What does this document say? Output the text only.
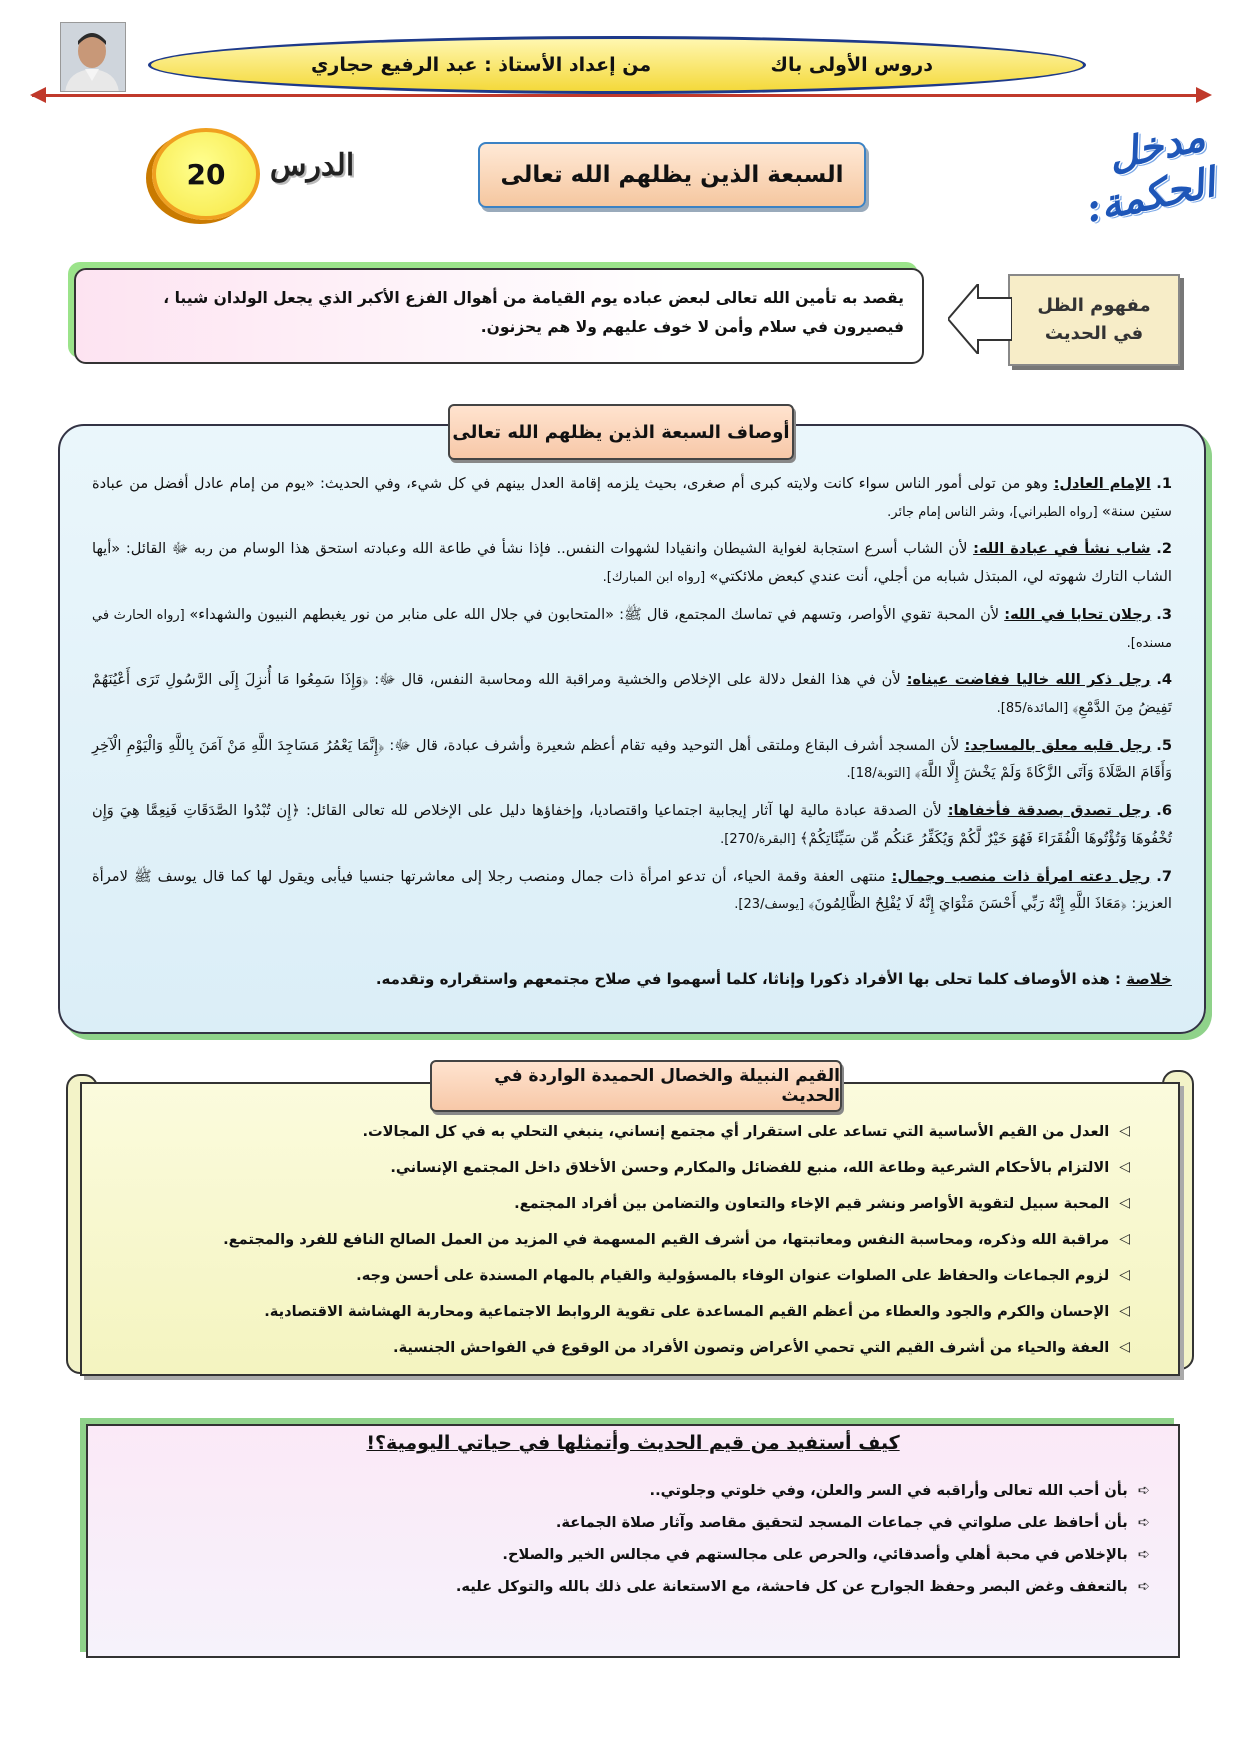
دروس الأولى باك
من إعداد الأستاذ : عبد الرفيع حجاري
مدخل الحكمة:
السبعة الذين يظلهم الله تعالى
الدرس
20
مفهوم الظل
في الحديث
يقصد به تأمين الله تعالى لبعض عباده يوم القيامة من أهوال الفزع الأكبر الذي يجعل الولدان شيبا ، فيصيرون في سلام وأمن لا خوف عليهم ولا هم يحزنون.
أوصاف السبعة الذين يظلهم الله تعالى
1. الإمام العادل: وهو من تولى أمور الناس سواء كانت ولايته كبرى أم صغرى، بحيث يلزمه إقامة العدل بينهم في كل شيء، وفي الحديث: «يوم من إمام عادل أفضل من عبادة ستين سنة» [رواه الطبراني]، وشر الناس إمام جائر.
2. شاب نشأ في عبادة الله: لأن الشاب أسرع استجابة لغواية الشيطان وانقيادا لشهوات النفس.. فإذا نشأ في طاعة الله وعبادته استحق هذا الوسام من ربه ﷻ القائل: «أيها الشاب التارك شهوته لي، المبتذل شبابه من أجلي، أنت عندي كبعض ملائكتي» [رواه ابن المبارك].
3. رجلان تحابا في الله: لأن المحبة تقوي الأواصر، وتسهم في تماسك المجتمع، قال ﷺ: «المتحابون في جلال الله على منابر من نور يغبطهم النبيون والشهداء» [رواه الحارث في مسنده].
4. رجل ذكر الله خاليا ففاضت عيناه: لأن في هذا الفعل دلالة على الإخلاص والخشية ومراقبة الله ومحاسبة النفس، قال ﷻ: ﴿وَإِذَا سَمِعُوا مَا أُنزِلَ إِلَى الرَّسُولِ تَرَى أَعْيُنَهُمْ تَفِيضُ مِنَ الدَّمْعِ﴾ [المائدة/85].
5. رجل قلبه معلق بالمساجد: لأن المسجد أشرف البقاع وملتقى أهل التوحيد وفيه تقام أعظم شعيرة وأشرف عبادة، قال ﷻ: ﴿إِنَّمَا يَعْمُرُ مَسَاجِدَ اللَّهِ مَنْ آمَنَ بِاللَّهِ وَالْيَوْمِ الْآخِرِ وَأَقَامَ الصَّلَاةَ وَآتَى الزَّكَاةَ وَلَمْ يَخْشَ إِلَّا اللَّهَ﴾ [التوبة/18].
6. رجل تصدق بصدقة فأخفاها: لأن الصدقة عبادة مالية لها آثار إيجابية اجتماعيا واقتصاديا، وإخفاؤها دليل على الإخلاص لله تعالى القائل: ﴿إِن تُبْدُوا الصَّدَقَاتِ فَنِعِمَّا هِيَ وَإِن تُخْفُوهَا وَتُؤْتُوهَا الْفُقَرَاءَ فَهُوَ خَيْرٌ لَّكُمْ وَيُكَفِّرُ عَنكُم مِّن سَيِّئَاتِكُمْ﴾ [البقرة/270].
7. رجل دعته امرأة ذات منصب وجمال: منتهى العفة وقمة الحياء، أن تدعو امرأة ذات جمال ومنصب رجلا إلى معاشرتها جنسيا فيأبى ويقول لها كما قال يوسف ﷺ لامرأة العزيز: ﴿مَعَاذَ اللَّهِ إِنَّهُ رَبِّي أَحْسَنَ مَثْوَايَ إِنَّهُ لَا يُفْلِحُ الظَّالِمُونَ﴾ [يوسف/23].
خلاصة : هذه الأوصاف كلما تحلى بها الأفراد ذكورا وإناثا، كلما أسهموا في صلاح مجتمعهم واستقراره وتقدمه.
القيم النبيلة والخصال الحميدة الواردة في الحديث
◁
العدل من القيم الأساسية التي تساعد على استقرار أي مجتمع إنساني، ينبغي التحلي به في كل المجالات.
◁
الالتزام بالأحكام الشرعية وطاعة الله، منبع للفضائل والمكارم وحسن الأخلاق داخل المجتمع الإنساني.
◁
المحبة سبيل لتقوية الأواصر ونشر قيم الإخاء والتعاون والتضامن بين أفراد المجتمع.
◁
مراقبة الله وذكره، ومحاسبة النفس ومعاتبتها، من أشرف القيم المسهمة في المزيد من العمل الصالح النافع للفرد والمجتمع.
◁
لزوم الجماعات والحفاظ على الصلوات عنوان الوفاء بالمسؤولية والقيام بالمهام المسندة على أحسن وجه.
◁
الإحسان والكرم والجود والعطاء من أعظم القيم المساعدة على تقوية الروابط الاجتماعية ومحاربة الهشاشة الاقتصادية.
◁
العفة والحياء من أشرف القيم التي تحمي الأعراض وتصون الأفراد من الوقوع في الفواحش الجنسية.
كيف أستفيد من قيم الحديث وأتمثلها في حياتي اليومية؟!
➪
بأن أحب الله تعالى وأراقبه في السر والعلن، وفي خلوتي وجلوتي..
➪
بأن أحافظ على صلواتي في جماعات المسجد لتحقيق مقاصد وآثار صلاة الجماعة.
➪
بالإخلاص في محبة أهلي وأصدقائي، والحرص على مجالستهم في مجالس الخير والصلاح.
➪
بالتعفف وغض البصر وحفظ الجوارح عن كل فاحشة، مع الاستعانة على ذلك بالله والتوكل عليه.
